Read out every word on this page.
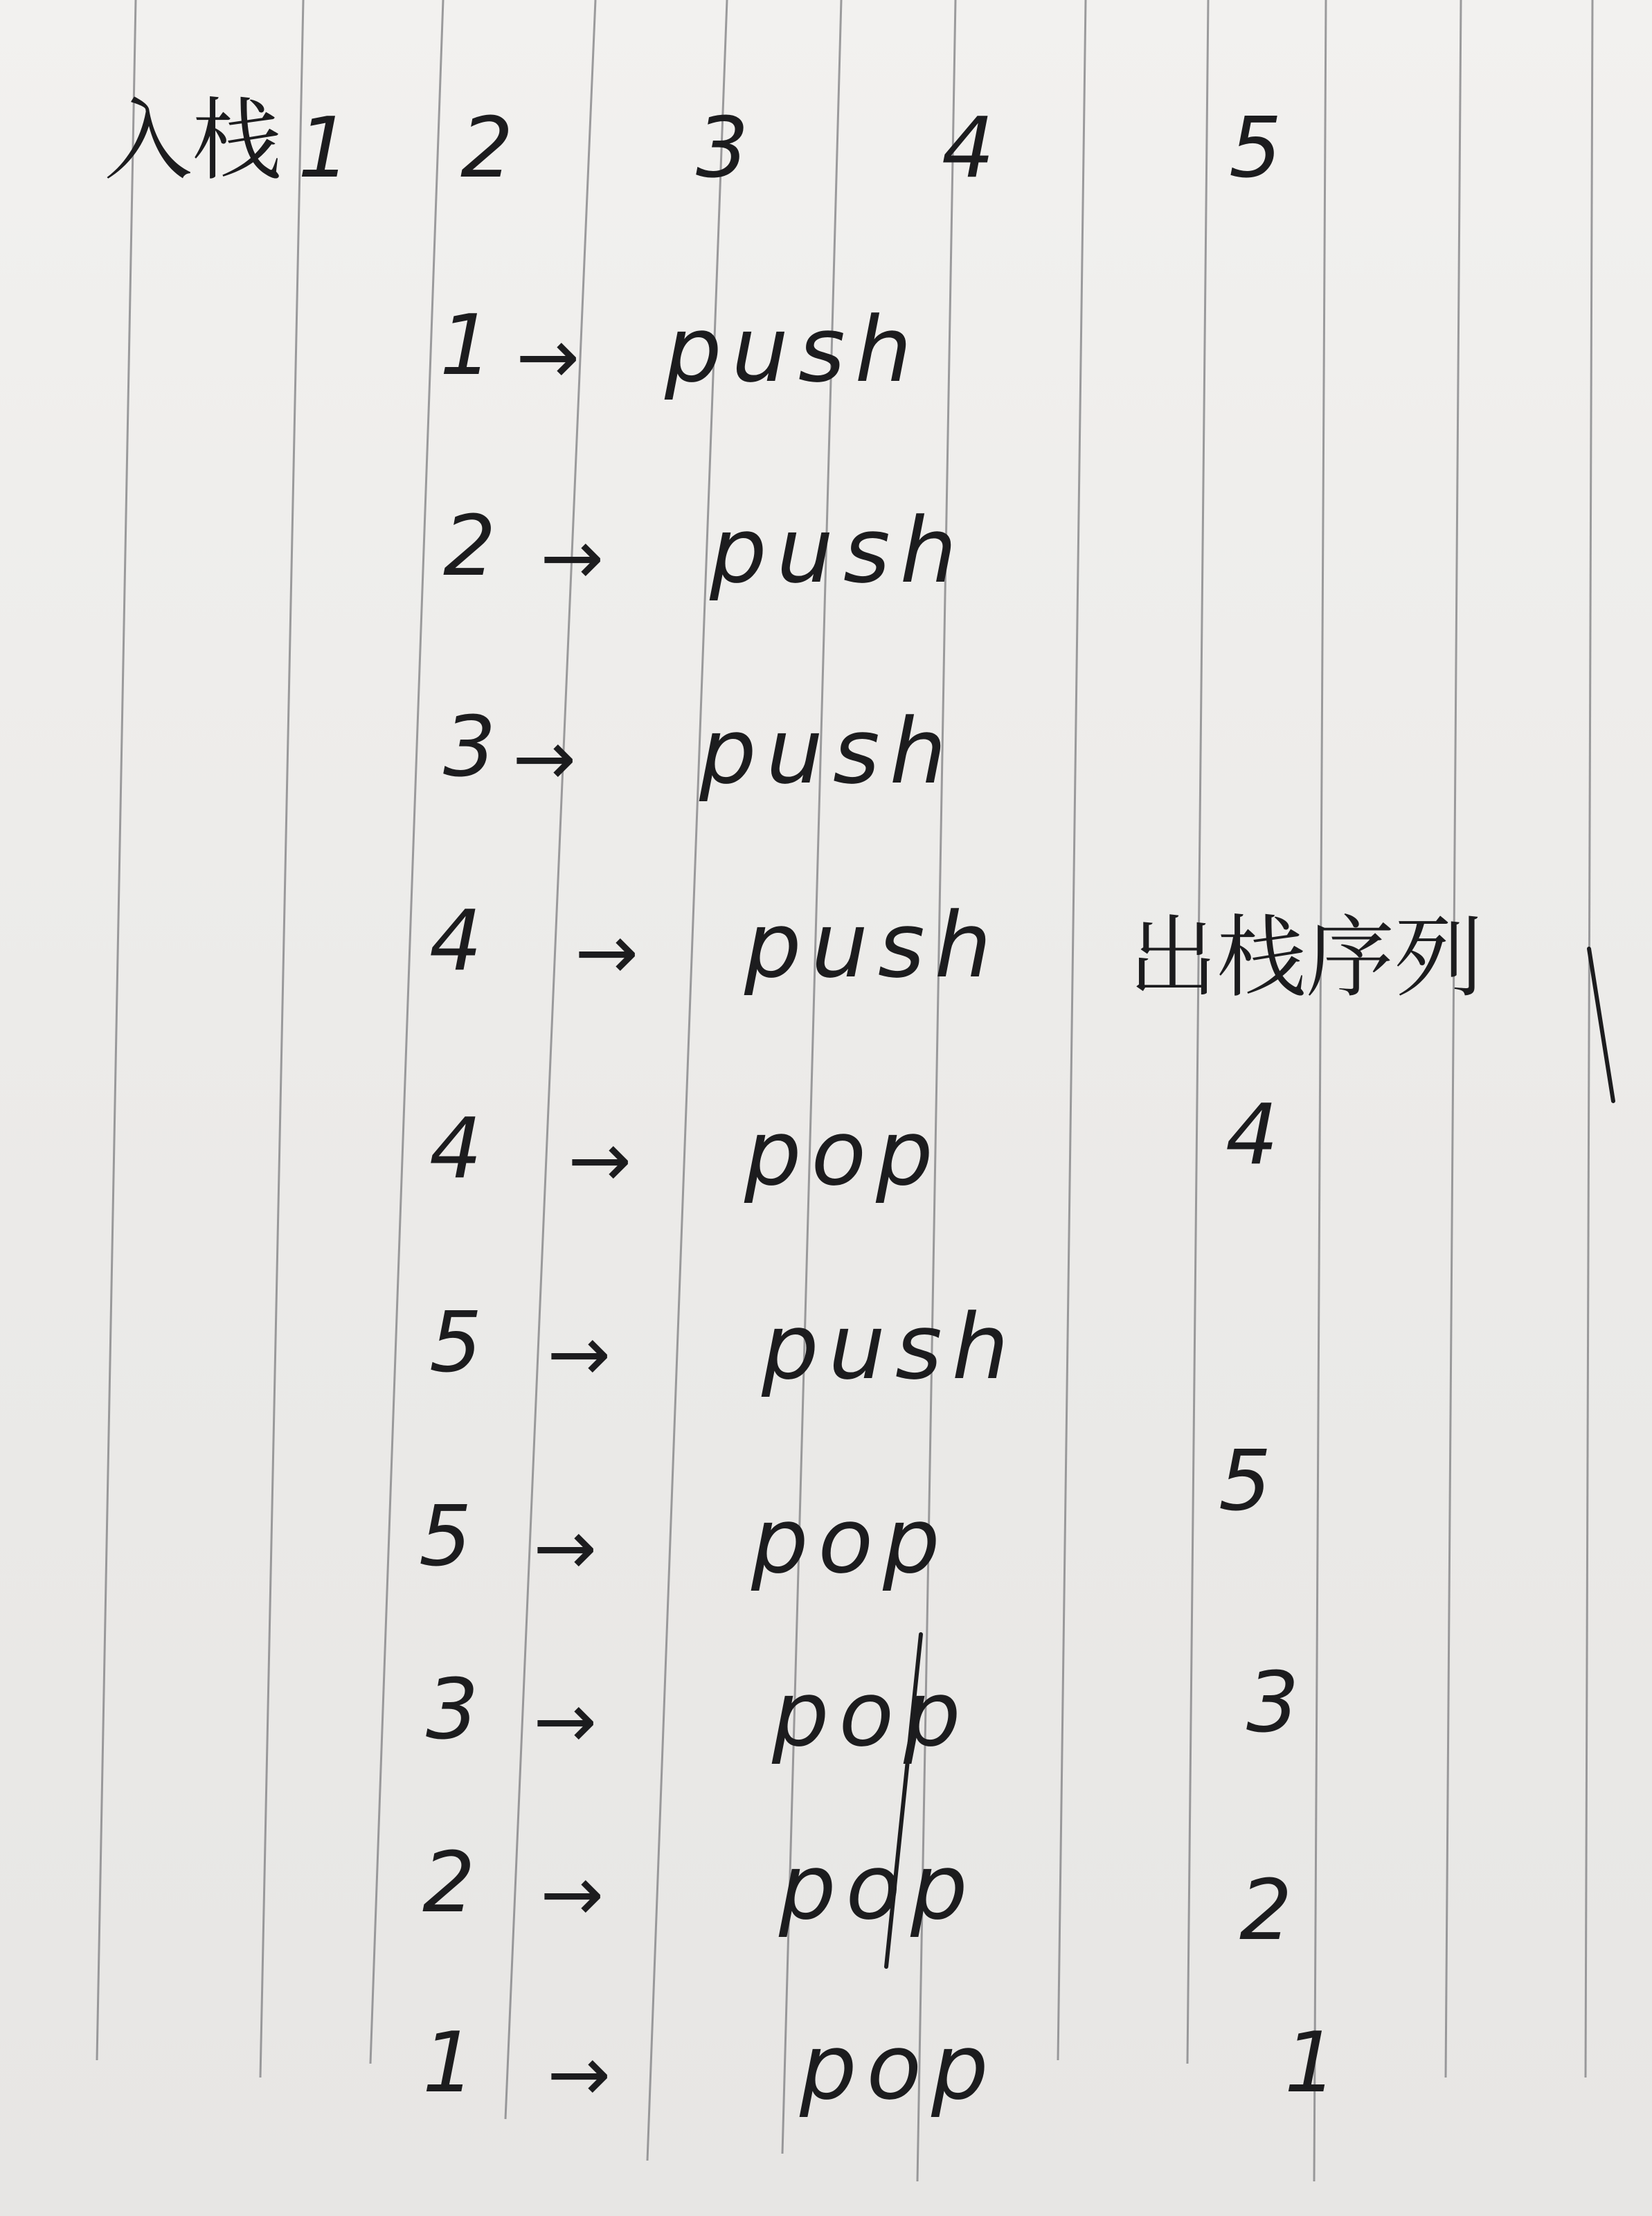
入栈 1 2 3 4	5
1 → push
2 → push
3 → push
4 → push
4 → pop
5 → push
5 → pop
3 → pop
2 → pop
1 → pop
出栈序列
4
5
3
2
1
